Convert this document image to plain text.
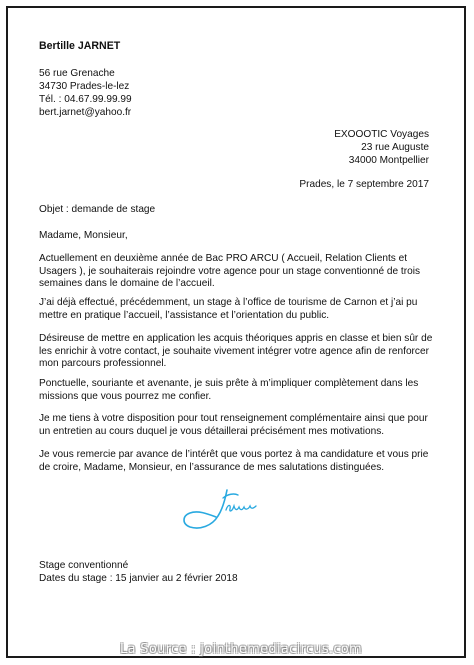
Bertille JARNET
56 rue Grenache
34730 Prades-le-lez
Tél. : 04.67.99.99.99
bert.jarnet@yahoo.fr
EXOOOTIC Voyages
23 rue Auguste
34000 Montpellier
Prades, le 7 septembre 2017
Objet : demande de stage
Madame, Monsieur,
Actuellement en deuxième année de Bac PRO ARCU ( Accueil, Relation Clients et
Usagers ), je souhaiterais rejoindre votre agence pour un stage conventionné de trois
semaines dans le domaine de l’accueil.
J’ai déjà effectué, précédemment, un stage à l’office de tourisme de Carnon et j’ai pu
mettre en pratique l’accueil, l’assistance et l’orientation du public.
Désireuse de mettre en application les acquis théoriques appris en classe et bien sûr de
les enrichir à votre contact, je souhaite vivement intégrer votre agence afin de renforcer
mon parcours professionnel.
Ponctuelle, souriante et avenante, je suis prête à m’impliquer complètement dans les
missions que vous pourrez me confier.
Je me tiens à votre disposition pour tout renseignement complémentaire ainsi que pour
un entretien au cours duquel je vous détaillerai précisément mes motivations.
Je vous remercie par avance de l’intérêt que vous portez à ma candidature et vous prie
de croire, Madame, Monsieur, en l’assurance de mes salutations distinguées.
Stage conventionné
Dates du stage : 15 janvier au 2 février 2018
La Source : jointhemediacircus.com
